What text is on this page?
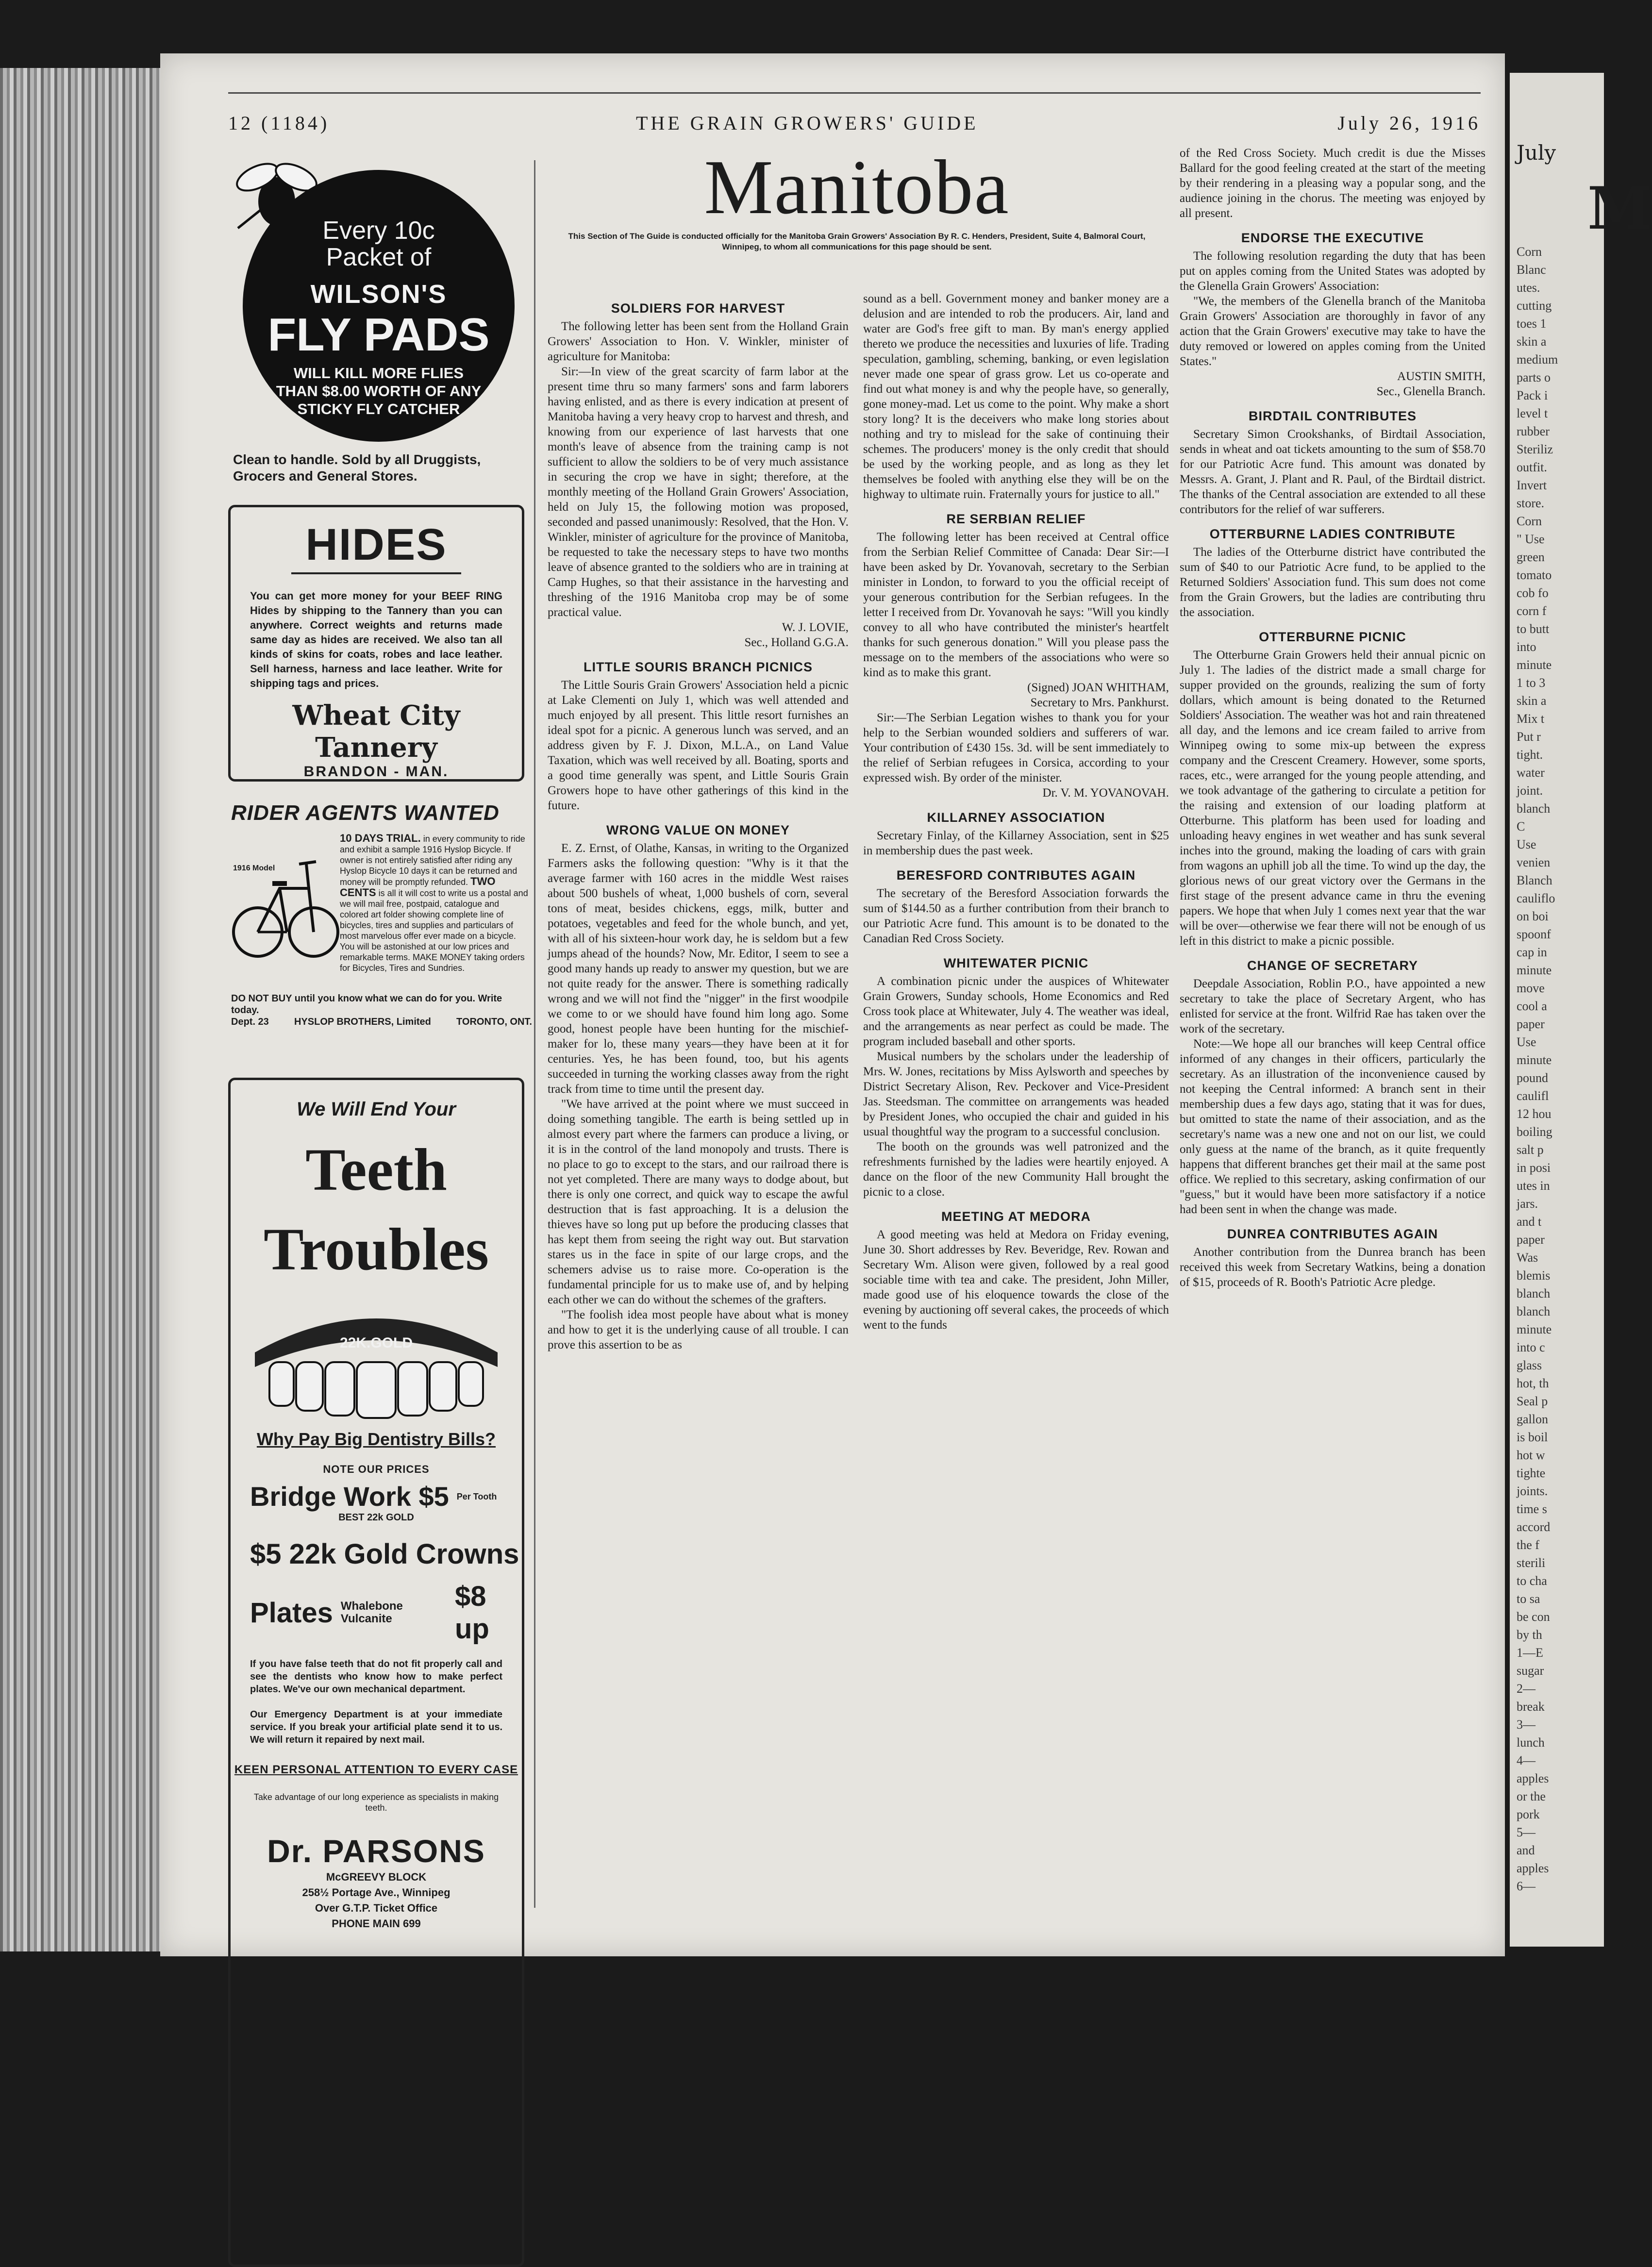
July
M
Corn
Blanc
utes.
cutting
toes 1
skin a
medium
parts o
Pack i
level t
rubber
Steriliz
outfit.
Invert
store.
Corn
" Use
green
tomato
cob fo
corn f
to butt
into
minute
1 to 3
skin a
Mix t
Put r
tight.
water
joint.
blanch
C
Use
venien
Blanch
cauliflo
on boi
spoonf
cap in
minute
move
cool a
paper
Use
minute
pound
caulifl
12 hou
boiling
salt p
in posi
utes in
jars.
and t
paper
Was
blemis
blanch
blanch
minute
into c
glass
hot, th
Seal p
gallon
is boil
hot w
tighte
joints.
time s
accord
the f
sterili
to cha
to sa
be con
by th
1—E
sugar
2—
break
3—
lunch
4—
apples
or the
pork
5—
and
apples
6—
12 (1184)	THE GRAIN GROWERS' GUIDE	July 26, 1916
Every 10c
Packet of
WILSON'S
FLY PADS
WILL KILL MORE FLIES THAN $8.00 WORTH OF ANY STICKY FLY CATCHER
Clean to handle. Sold by all Druggists, Grocers and General Stores.
HIDES
You can get more money for your BEEF RING Hides by shipping to the Tannery than you can anywhere. Correct weights and returns made same day as hides are received. We also tan all kinds of skins for coats, robes and lace leather. Sell harness, harness and lace leather. Write for shipping tags and prices.
Wheat City Tannery
BRANDON - MAN.
RIDER AGENTS WANTED
1916 Model
10 DAYS TRIAL. in every community to ride and exhibit a sample 1916 Hyslop Bicycle. If owner is not entirely satisfied after riding any Hyslop Bicycle 10 days it can be returned and money will be promptly refunded. TWO CENTS is all it will cost to write us a postal and we will mail free, postpaid, catalogue and colored art folder showing complete line of bicycles, tires and supplies and particulars of most marvelous offer ever made on a bicycle. You will be astonished at our low prices and remarkable terms. MAKE MONEY taking orders for Bicycles, Tires and Sundries.
DO NOT BUY until you know what we can do for you. Write today.
Dept. 23	HYSLOP BROTHERS, Limited	TORONTO, ONT.
We Will End Your
Teeth
Troubles
22K.GOLD
Why Pay Big Dentistry Bills?
NOTE OUR PRICES
Bridge Work $5 Per Tooth
BEST 22k GOLD
$5 22k Gold Crowns
Plates Whalebone Vulcanite
$8 up
If you have false teeth that do not fit properly call and see the dentists who know how to make perfect plates. We've our own mechanical department.
Our Emergency Department is at your immediate service. If you break your artificial plate send it to us. We will return it repaired by next mail.
KEEN PERSONAL ATTENTION TO EVERY CASE
Take advantage of our long experience as specialists in making teeth.
Dr. PARSONS
McGREEVY BLOCK
258½ Portage Ave., Winnipeg
Over G.T.P. Ticket Office
PHONE MAIN 699
Manitoba
This Section of The Guide is conducted officially for the Manitoba Grain Growers' Association By R. C. Henders, President, Suite 4, Balmoral Court, Winnipeg, to whom all communications for this page should be sent.
SOLDIERS FOR HARVEST

The following letter has been sent from the Holland Grain Growers' Association to Hon. V. Winkler, minister of agriculture for Manitoba:

Sir:—In view of the great scarcity of farm labor at the present time thru so many farmers' sons and farm laborers having enlisted, and as there is every indication at present of Manitoba having a very heavy crop to harvest and thresh, and knowing from our experience of last harvests that one month's leave of absence from the training camp is not sufficient to allow the soldiers to be of very much assistance in securing the crop we have in sight; therefore, at the monthly meeting of the Holland Grain Growers' Association, held on July 15, the following motion was proposed, seconded and passed unanimously: Resolved, that the Hon. V. Winkler, minister of agriculture for the province of Manitoba, be requested to take the necessary steps to have two months leave of absence granted to the soldiers who are in training at Camp Hughes, so that their assistance in the harvesting and threshing of the 1916 Manitoba crop may be of some practical value.

W. J. LOVIE,

Sec., Holland G.G.A.

LITTLE SOURIS BRANCH PICNICS

The Little Souris Grain Growers' Association held a picnic at Lake Clementi on July 1, which was well attended and much enjoyed by all present. This little resort furnishes an ideal spot for a picnic. A generous lunch was served, and an address given by F. J. Dixon, M.L.A., on Land Value Taxation, which was well received by all. Boating, sports and a good time generally was spent, and Little Souris Grain Growers hope to have other gatherings of this kind in the future.

WRONG VALUE ON MONEY

E. Z. Ernst, of Olathe, Kansas, in writing to the Organized Farmers asks the following question: "Why is it that the average farmer with 160 acres in the middle West raises about 500 bushels of wheat, 1,000 bushels of corn, several tons of meat, besides chickens, eggs, milk, butter and potatoes, vegetables and feed for the whole bunch, and yet, with all of his sixteen-hour work day, he is seldom but a few jumps ahead of the hounds? Now, Mr. Editor, I seem to see a good many hands up ready to answer my question, but we are not quite ready for the answer. There is something radically wrong and we will not find the "nigger" in the first woodpile we come to or we should have found him long ago. Some good, honest people have been hunting for the mischief-maker for lo, these many years—they have been at it for centuries. Yes, he has been found, too, but his agents succeeded in turning the working classes away from the right track from time to time until the present day.

"We have arrived at the point where we must succeed in doing something tangible. The earth is being settled up in almost every part where the farmers can produce a living, or it is in the control of the land monopoly and trusts. There is no place to go to except to the stars, and our railroad there is not yet completed. There are many ways to dodge about, but there is only one correct, and quick way to escape the awful destruction that is fast approaching. It is a delusion the thieves have so long put up before the producing classes that has kept them from seeing the right way out. But starvation stares us in the face in spite of our large crops, and the schemers advise us to raise more. Co-operation is the fundamental principle for us to make use of, and by helping each other we can do without the schemes of the grafters.

"The foolish idea most people have about what is money and how to get it is the underlying cause of all trouble. I can prove this assertion to be as

sound as a bell. Government money and banker money are a delusion and are intended to rob the producers. Air, land and water are God's free gift to man. By man's energy applied thereto we produce the necessities and luxuries of life. Trading speculation, gambling, scheming, banking, or even legislation never made one spear of grass grow. Let us co-operate and find out what money is and why the people have, so generally, gone money-mad. Let us come to the point. Why make a short story long? It is the deceivers who make long stories about nothing and try to mislead for the sake of continuing their schemes. The producers' money is the only credit that should be used by the working people, and as long as they let themselves be fooled with anything else they will be on the highway to ultimate ruin. Fraternally yours for justice to all."

RE SERBIAN RELIEF

The following letter has been received at Central office from the Serbian Relief Committee of Canada: Dear Sir:—I have been asked by Dr. Yovanovah, secretary to the Serbian minister in London, to forward to you the official receipt of your generous contribution for the Serbian refugees. In the letter I received from Dr. Yovanovah he says: "Will you kindly convey to all who have contributed the minister's heartfelt thanks for such generous donation." Will you please pass the message on to the members of the associations who were so kind as to make this grant.

(Signed) JOAN WHITHAM,

Secretary to Mrs. Pankhurst.

Sir:—The Serbian Legation wishes to thank you for your help to the Serbian wounded soldiers and sufferers of war. Your contribution of £430 15s. 3d. will be sent immediately to the relief of Serbian refugees in Corsica, according to your expressed wish. By order of the minister.

Dr. V. M. YOVANOVAH.

KILLARNEY ASSOCIATION

Secretary Finlay, of the Killarney Association, sent in $25 in membership dues the past week.

BERESFORD CONTRIBUTES AGAIN

The secretary of the Beresford Association forwards the sum of $144.50 as a further contribution from their branch to our Patriotic Acre fund. This amount is to be donated to the Canadian Red Cross Society.

WHITEWATER PICNIC

A combination picnic under the auspices of Whitewater Grain Growers, Sunday schools, Home Economics and Red Cross took place at Whitewater, July 4. The weather was ideal, and the arrangements as near perfect as could be made. The program included baseball and other sports.

Musical numbers by the scholars under the leadership of Mrs. W. Jones, recitations by Miss Aylsworth and speeches by District Secretary Alison, Rev. Peckover and Vice-President Jas. Steedsman. The committee on arrangements was headed by President Jones, who occupied the chair and guided in his usual thoughtful way the program to a successful conclusion.

The booth on the grounds was well patronized and the refreshments furnished by the ladies were heartily enjoyed. A dance on the floor of the new Community Hall brought the picnic to a close.

MEETING AT MEDORA

A good meeting was held at Medora on Friday evening, June 30. Short addresses by Rev. Beveridge, Rev. Rowan and Secretary Wm. Alison were given, followed by a real good sociable time with tea and cake. The president, John Miller, made good use of his eloquence towards the close of the evening by auctioning off several cakes, the proceeds of which went to the funds

of the Red Cross Society. Much credit is due the Misses Ballard for the good feeling created at the start of the meeting by their rendering in a pleasing way a popular song, and the audience joining in the chorus. The meeting was enjoyed by all present.

ENDORSE THE EXECUTIVE

The following resolution regarding the duty that has been put on apples coming from the United States was adopted by the Glenella Grain Growers' Association:

"We, the members of the Glenella branch of the Manitoba Grain Growers' Association are thoroughly in favor of any action that the Grain Growers' executive may take to have the duty removed or lowered on apples coming from the United States."

AUSTIN SMITH,

Sec., Glenella Branch.

BIRDTAIL CONTRIBUTES

Secretary Simon Crookshanks, of Birdtail Association, sends in wheat and oat tickets amounting to the sum of $58.70 for our Patriotic Acre fund. This amount was donated by Messrs. A. Grant, J. Plant and R. Paul, of the Birdtail district. The thanks of the Central association are extended to all these contributors for the relief of war sufferers.

OTTERBURNE LADIES CONTRIBUTE

The ladies of the Otterburne district have contributed the sum of $40 to our Patriotic Acre fund, to be applied to the Returned Soldiers' Association fund. This sum does not come from the Grain Growers, but the ladies are contributing thru the association.

OTTERBURNE PICNIC

The Otterburne Grain Growers held their annual picnic on July 1. The ladies of the district made a small charge for supper provided on the grounds, realizing the sum of forty dollars, which amount is being donated to the Returned Soldiers' Association. The weather was hot and rain threatened all day, and the lemons and ice cream failed to arrive from Winnipeg owing to some mix-up between the express company and the Crescent Creamery. However, some sports, races, etc., were arranged for the young people attending, and we took advantage of the gathering to circulate a petition for the raising and extension of our loading platform at Otterburne. This platform has been used for loading and unloading heavy engines in wet weather and has sunk several inches into the ground, making the loading of cars with grain from wagons an uphill job all the time. To wind up the day, the glorious news of our great victory over the Germans in the first stage of the present advance came in thru the evening papers. We hope that when July 1 comes next year that the war will be over—otherwise we fear there will not be enough of us left in this district to make a picnic possible.

CHANGE OF SECRETARY

Deepdale Association, Roblin P.O., have appointed a new secretary to take the place of Secretary Argent, who has enlisted for service at the front. Wilfrid Rae has taken over the work of the secretary.

Note:—We hope all our branches will keep Central office informed of any changes in their officers, particularly the secretary. As an illustration of the inconvenience caused by not keeping the Central informed: A branch sent in their membership dues a few days ago, stating that it was for dues, but omitted to state the name of their association, and as the secretary's name was a new one and not on our list, we could only guess at the name of the branch, as it quite frequently happens that different branches get their mail at the same post office. We replied to this secretary, asking confirmation of our "guess," but it would have been more satisfactory if a notice had been sent in when the change was made.

DUNREA CONTRIBUTES AGAIN

Another contribution from the Dunrea branch has been received this week from Secretary Watkins, being a donation of $15, proceeds of R. Booth's Patriotic Acre pledge.
